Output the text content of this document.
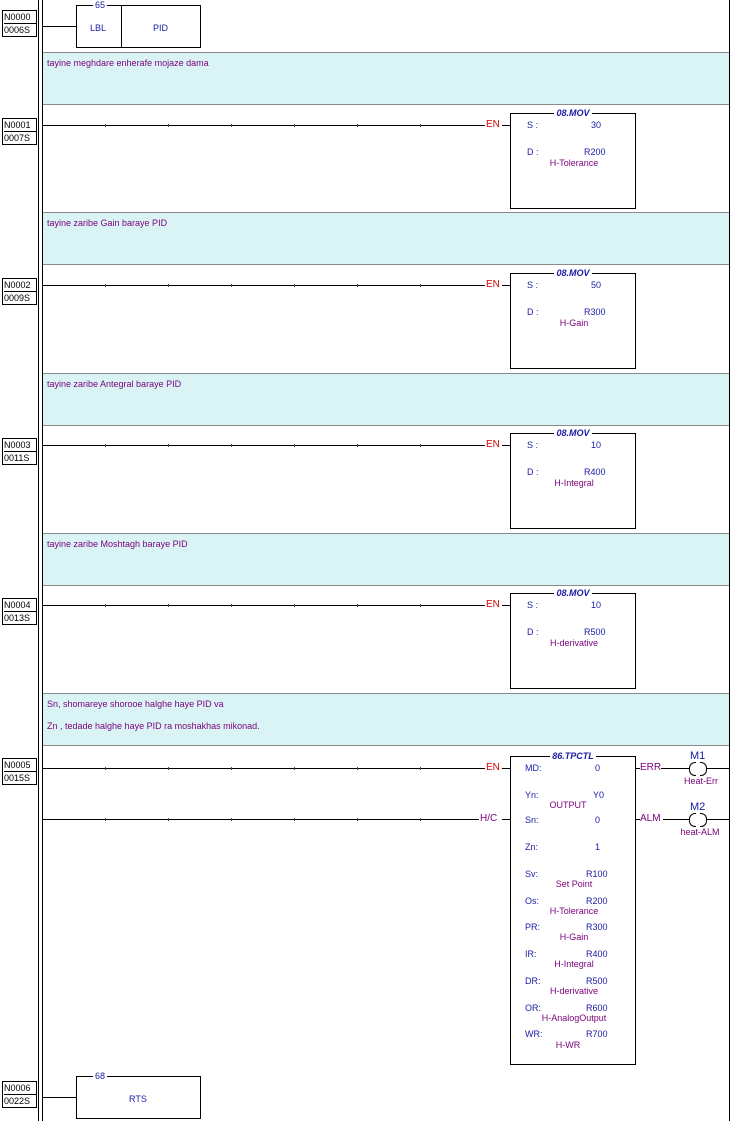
N0000
0006S
65
LBL	PID
tayine meghdare enherafe mojaze dama
N0001
0007S
EN
08.MOV
S :	30
D :	R200
H-Tolerance
tayine zaribe Gain baraye PID
N0002
0009S
EN
08.MOV
S :	50
D :	R300
H-Gain
tayine zaribe Antegral baraye PID
N0003
0011S
EN
08.MOV
S :	10
D :	R400
H-Integral
tayine zaribe Moshtagh baraye PID
N0004
0013S
EN
08.MOV
S :	10
D :	R500
H-derivative
Sn, shomareye shorooe halghe haye PID va
Zn , tedade halghe haye PID ra moshakhas mikonad.
N0005
0015S
EN
H/C
86.TPCTL
MD:	0
Yn:	Y0
OUTPUT
Sn:	0
Zn:	1
Sv:	R100
Set Point
Os:	R200
H-Tolerance
PR:	R300
H-Gain
IR:	R400
H-Integral
DR:	R500
H-derivative
OR:	R600
H-AnalogOutput
WR:	R700
H-WR
ERR
M1
Heat-Err
ALM
M2
heat-ALM
N0006
0022S
68
RTS
